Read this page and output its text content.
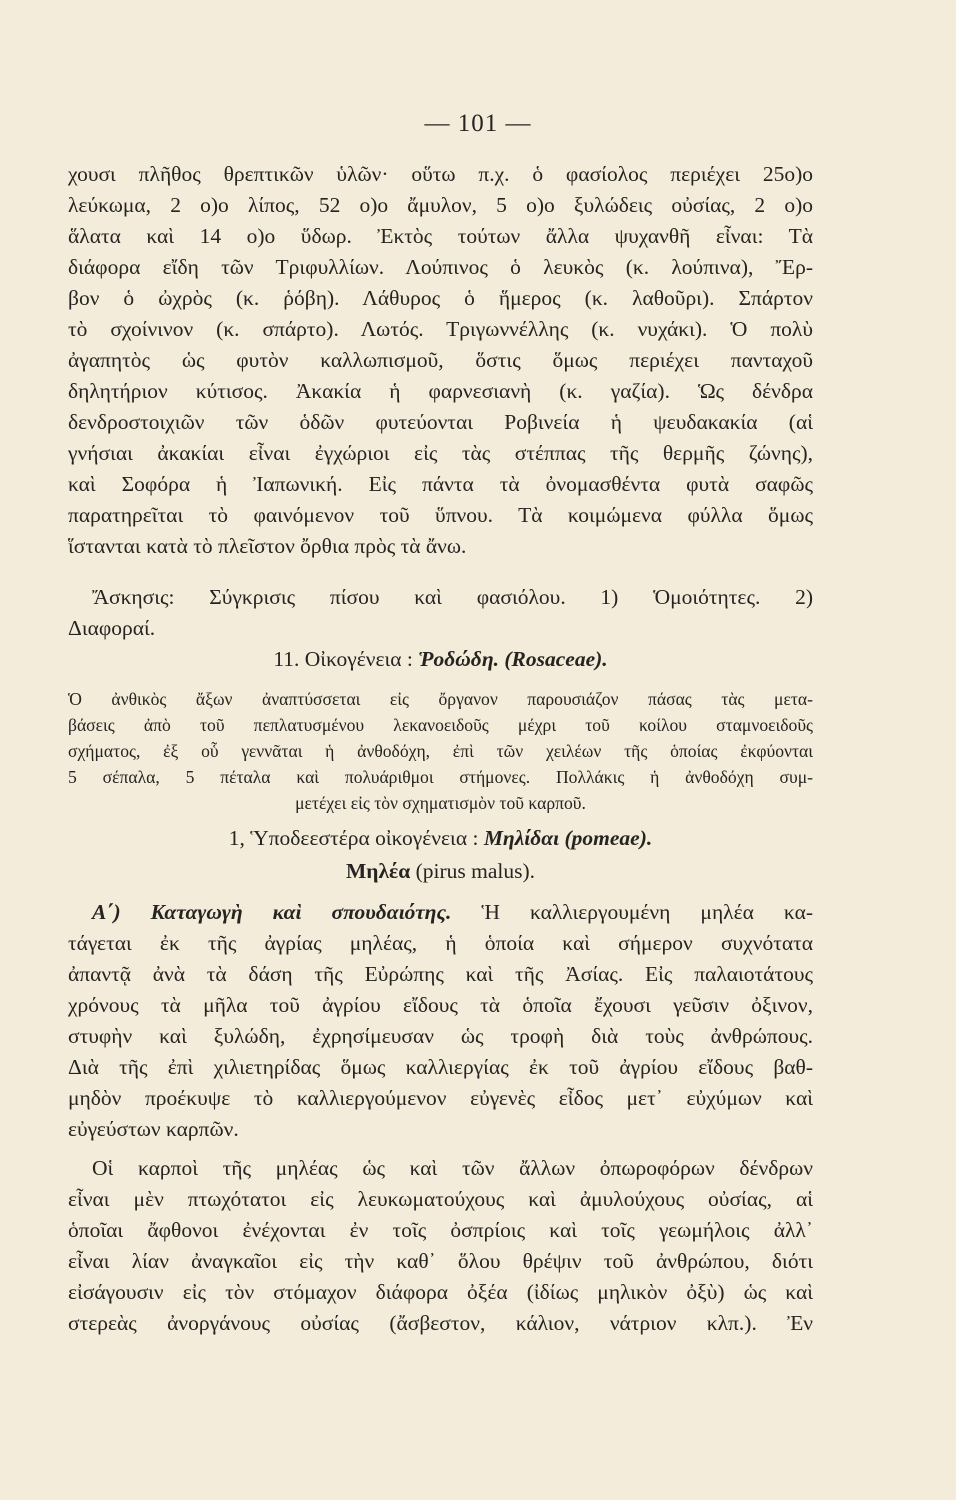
— 101 —
χουσι πλῆθος θρεπτικῶν ὑλῶν· οὕτω π.χ. ὁ φασίολος περιέχει 25ο)ο
λεύκωμα, 2 ο)ο λίπος, 52 ο)ο ἄμυλον, 5 ο)ο ξυλώδεις οὐσίας, 2 ο)ο
ἅλατα καὶ 14 ο)ο ὕδωρ. Ἐκτὸς τούτων ἄλλα ψυχανθῆ εἶναι: Τὰ
διάφορα εἴδη τῶν Τριφυλλίων. Λούπινος ὁ λευκὸς (κ. λούπινα), Ἔρ-
βον ὁ ὠχρὸς (κ. ῥόβη). Λάθυρος ὁ ἥμερος (κ. λαθοῦρι). Σπάρτον
τὸ σχοίνινον (κ. σπάρτο). Λωτός. Τριγωννέλλης (κ. νυχάκι). Ὁ πολὺ
ἀγαπητὸς ὡς φυτὸν καλλωπισμοῦ, ὅστις ὅμως περιέχει πανταχοῦ
δηλητήριον κύτισος. Ἀκακία ἡ φαρνεσιανὴ (κ. γαζία). Ὡς δένδρα
δενδροστοιχιῶν τῶν ὁδῶν φυτεύονται Ροβινεία ἡ ψευδακακία (αἱ
γνήσιαι ἀκακίαι εἶναι ἐγχώριοι εἰς τὰς στέππας τῆς θερμῆς ζώνης),
καὶ Σοφόρα ἡ Ἰαπωνική. Εἰς πάντα τὰ ὀνομασθέντα φυτὰ σαφῶς
παρατηρεῖται τὸ φαινόμενον τοῦ ὕπνου. Τὰ κοιμώμενα φύλλα ὅμως
ἵστανται κατὰ τὸ πλεῖστον ὄρθια πρὸς τὰ ἄνω.
Ἄσκησις: Σύγκρισις πίσου καὶ φασιόλου. 1) Ὁμοιότητες. 2)
Διαφοραί.
11. Οἰκογένεια : Ῥοδώδη. (Rosaceae).
Ὁ ἀνθικὸς ἄξων ἀναπτύσσεται εἰς ὄργανον παρουσιάζον πάσας τὰς μετα-
βάσεις ἀπὸ τοῦ πεπλατυσμένου λεκανοειδοῦς μέχρι τοῦ κοίλου σταμνοειδοῦς
σχήματος, ἐξ οὗ γεννᾶται ἡ ἀνθοδόχη, ἐπὶ τῶν χειλέων τῆς ὁποίας ἐκφύονται
5 σέπαλα, 5 πέταλα καὶ πολυάριθμοι στήμονες. Πολλάκις ἡ ἀνθοδόχη συμ-
μετέχει εἰς τὸν σχηματισμὸν τοῦ καρποῦ.
1, Ὑποδεεστέρα οἰκογένεια : Μηλίδαι (pomeae).
Μηλέα (pirus malus).
Α΄) Καταγωγὴ καὶ σπουδαιότης. Ἡ καλλιεργουμένη μηλέα κα-
τάγεται ἐκ τῆς ἀγρίας μηλέας, ἡ ὁποία καὶ σήμερον συχνότατα
ἀπαντᾷ ἀνὰ τὰ δάση τῆς Εὐρώπης καὶ τῆς Ἀσίας. Εἰς παλαιοτάτους
χρόνους τὰ μῆλα τοῦ ἀγρίου εἴδους τὰ ὁποῖα ἔχουσι γεῦσιν ὀξινον,
στυφὴν καὶ ξυλώδη, ἐχρησίμευσαν ὡς τροφὴ διὰ τοὺς ἀνθρώπους.
Διὰ τῆς ἐπὶ χιλιετηρίδας ὅμως καλλιεργίας ἐκ τοῦ ἀγρίου εἴδους βαθ-
μηδὸν προέκυψε τὸ καλλιεργούμενον εὐγενὲς εἶδος μετ᾿ εὐχύμων καὶ
εὐγεύστων καρπῶν.
Οἱ καρποὶ τῆς μηλέας ὡς καὶ τῶν ἄλλων ὀπωροφόρων δένδρων
εἶναι μὲν πτωχότατοι εἰς λευκωματούχους καὶ ἀμυλούχους οὐσίας, αἱ
ὁποῖαι ἄφθονοι ἐνέχονται ἐν τοῖς ὀσπρίοις καὶ τοῖς γεωμήλοις ἀλλ᾿
εἶναι λίαν ἀναγκαῖοι εἰς τὴν καθ᾿ ὅλου θρέψιν τοῦ ἀνθρώπου, διότι
εἰσάγουσιν εἰς τὸν στόμαχον διάφορα ὀξέα (ἰδίως μηλικὸν ὀξὺ) ὡς καὶ
στερεὰς ἀνοργάνους οὐσίας (ἄσβεστον, κάλιον, νάτριον κλπ.). Ἐν
